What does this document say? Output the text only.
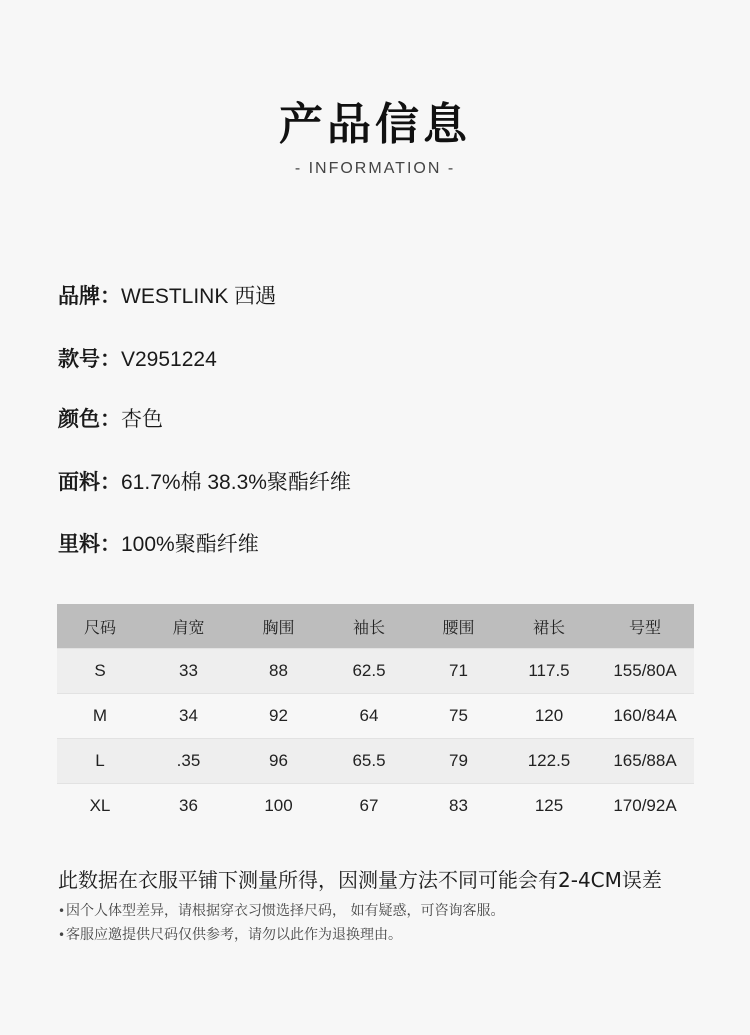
产品信息
- INFORMATION -
品牌：WESTLINK 西遇
款号：V2951224
颜色：杏色
面料：61.7%棉 38.3%聚酯纤维
里料：100%聚酯纤维
尺码	肩宽	胸围	袖长	腰围	裙长	号型
S	33	88	62.5	71	117.5	155/80A
M	34	92	64	75	120	160/84A
L	.35	96	65.5	79	122.5	165/88A
XL	36	100	67	83	125	170/92A
此数据在衣服平铺下测量所得，因测量方法不同可能会有2-4CM误差
•因个人体型差异，请根据穿衣习惯选择尺码， 如有疑惑，可咨询客服。
•客服应邀提供尺码仅供参考，请勿以此作为退换理由。
